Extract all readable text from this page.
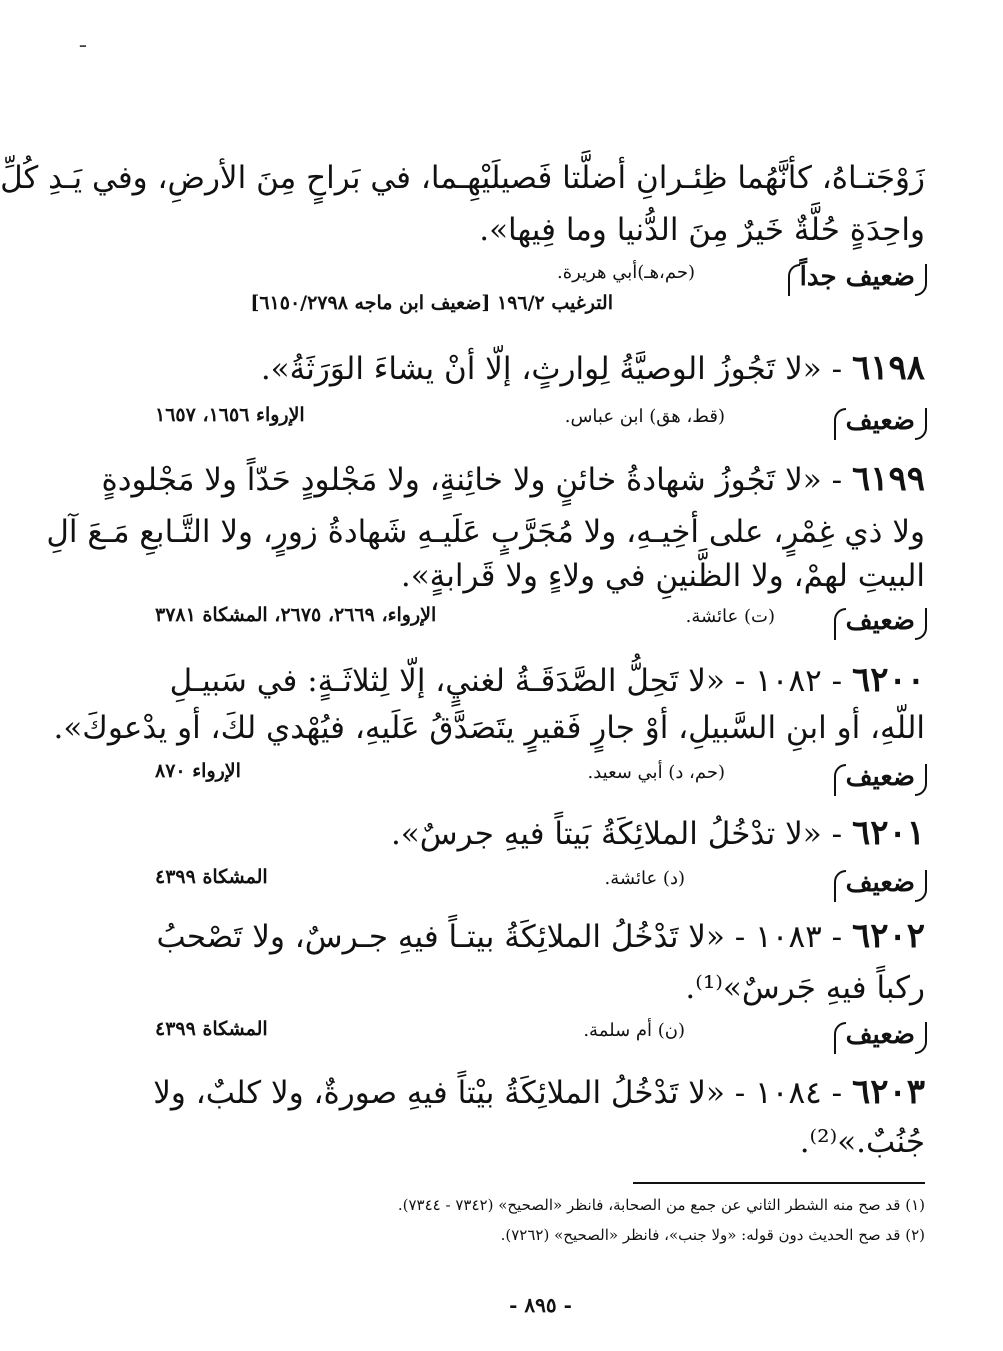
ـ
زَوْجَتـاهُ، كأنَّهُما ظِئـرانِ أضلَّتا فَصيلَيْهِـما، في بَراحٍ مِنَ الأرضِ، وفي يَـدِ كُلِّ
واحِدَةٍ حُلَّةٌ خَيرٌ مِنَ الدُّنيا وما فِيها».
ضعيف جداً
(حم،هـ)أبي هريرة.
الترغيب ١٩٦/٢ [ضعيف ابن ماجه ٦١٥٠/٢٧٩٨]
٦١٩٨ - «لا تَجُوزُ الوصيَّةُ لِوارثٍ، إلّا أنْ يشاءَ الوَرَثَةُ».
ضعيف
(قط، هق) ابن عباس.
الإرواء ١٦٥٦، ١٦٥٧
٦١٩٩ - «لا تَجُوزُ شهادةُ خائنٍ ولا خائِنةٍ، ولا مَجْلودٍ حَدّاً ولا مَجْلودةٍ
ولا ذي غِمْرٍ، على أخِيـهِ، ولا مُجَرَّبٍ عَلَيـهِ شَهادةُ زورٍ، ولا التَّـابعِ مَـعَ آلِ
البيتِ لهمْ، ولا الظَّنينِ في ولاءٍ ولا قَرابةٍ».
ضعيف
(ت) عائشة.
الإرواء، ٢٦٦٩، ٢٦٧٥، المشكاة ٣٧٨١
٦٢٠٠ - ١٠٨٢ - «لا تَحِلُّ الصَّدَقَـةُ لغنيٍ، إلّا لِثلاثَـةٍ: في سَبيـلِ
اللّهِ، أو ابنِ السَّبيلِ، أوْ جارٍ فَقيرٍ يتَصَدَّقُ عَلَيهِ، فيُهْدي لكَ، أو يدْعوكَ».
ضعيف
(حم، د) أبي سعيد.
الإرواء ٨٧٠
٦٢٠١ - «لا تدْخُلُ الملائِكَةُ بَيتاً فيهِ جرسٌ».
ضعيف
(د) عائشة.
المشكاة ٤٣٩٩
٦٢٠٢ - ١٠٨٣ - «لا تَدْخُلُ الملائِكَةُ بيتـاً فيهِ جـرسٌ، ولا تَصْحبُ
ركباً فيهِ جَرسٌ»⁽¹⁾.
ضعيف
(ن) أم سلمة.
المشكاة ٤٣٩٩
٦٢٠٣ - ١٠٨٤ - «لا تَدْخُلُ الملائِكَةُ بيْتاً فيهِ صورةٌ، ولا كلبٌ، ولا
جُنُبٌ.»⁽²⁾.
(١) قد صح منه الشطر الثاني عن جمع من الصحابة، فانظر «الصحيح» (٧٣٤٢ - ٧٣٤٤).
(٢) قد صح الحديث دون قوله: «ولا جنب»، فانظر «الصحيح» (٧٢٦٢).
- ٨٩٥ -
